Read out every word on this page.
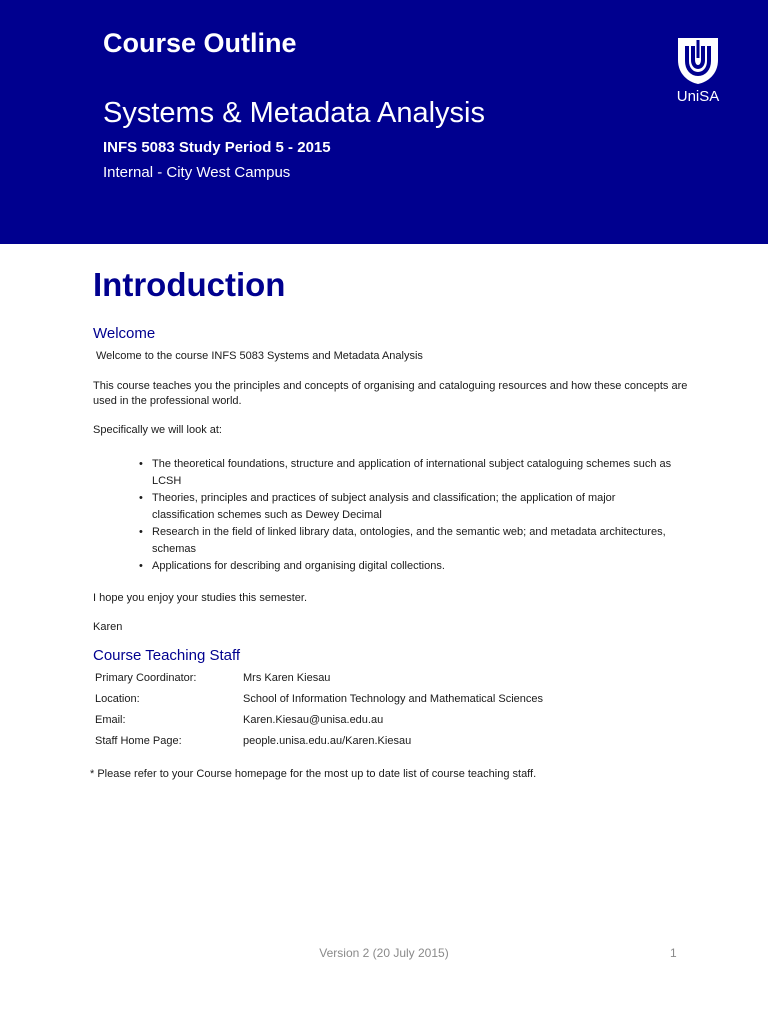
Course Outline
Systems & Metadata Analysis
INFS 5083 Study Period 5 - 2015
Internal - City West Campus
UniSA
Introduction
Welcome
Welcome to the course INFS 5083 Systems and Metadata Analysis
This course teaches you the principles and concepts of organising and cataloguing resources and how these concepts are used in the professional world.
Specifically we will look at:
• The theoretical foundations, structure and application of international subject cataloguing schemes such as LCSH
• Theories, principles and practices of subject analysis and classification; the application of major classification schemes such as Dewey Decimal
• Research in the field of linked library data, ontologies, and the semantic web; and metadata architectures, schemas
• Applications for describing and organising digital collections.
I hope you enjoy your studies this semester.
Karen
Course Teaching Staff
Primary Coordinator:	Mrs Karen Kiesau
Location:	School of Information Technology and Mathematical Sciences
Email:	Karen.Kiesau@unisa.edu.au
Staff Home Page:	people.unisa.edu.au/Karen.Kiesau
* Please refer to your Course homepage for the most up to date list of course teaching staff.
Version 2 (20 July 2015)	1
